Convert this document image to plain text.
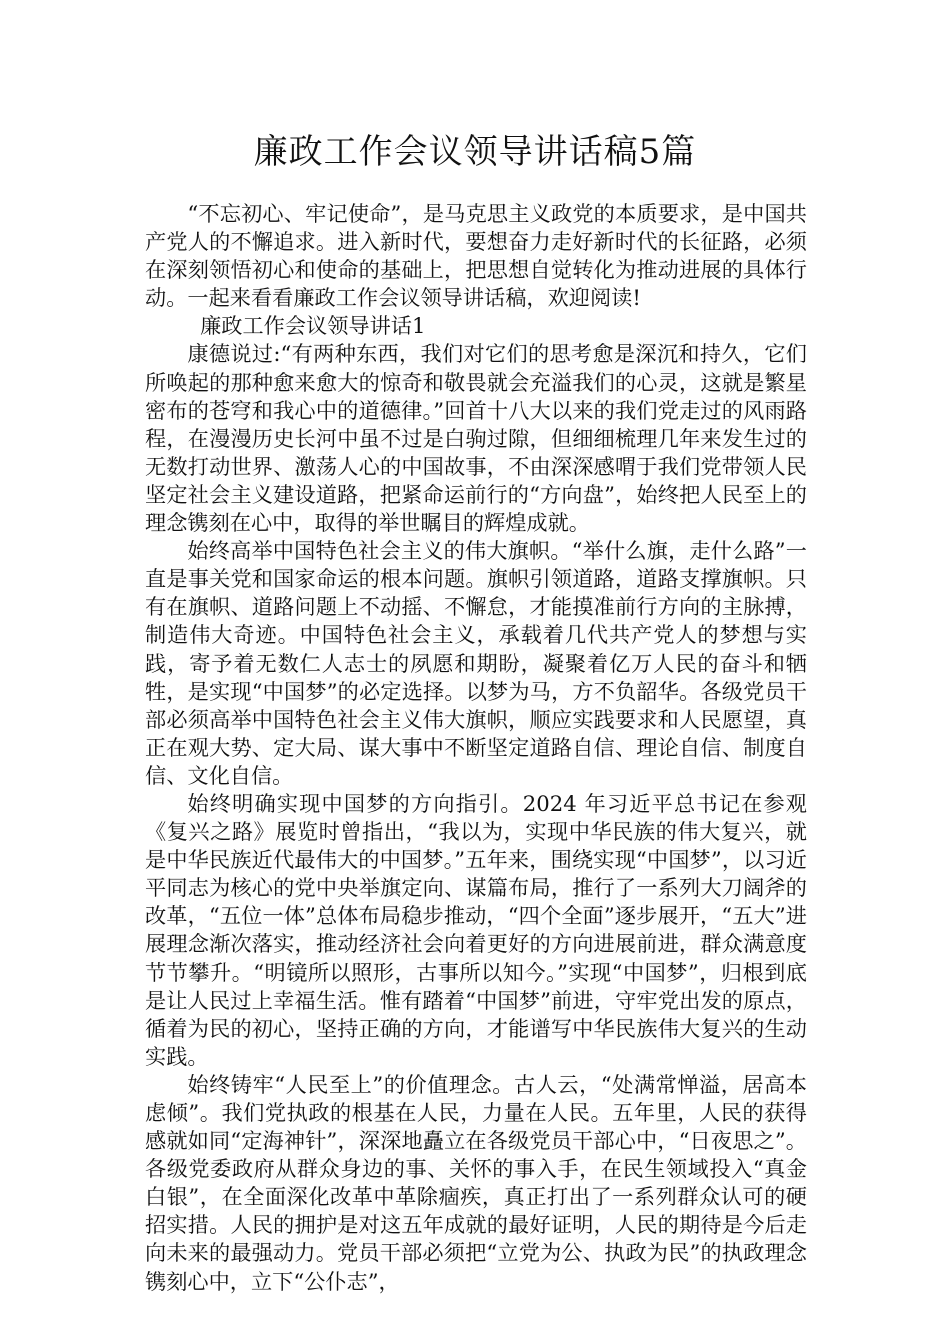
廉政工作会议领导讲话稿5篇

“不忘初心、牢记使命”，是马克思主义政党的本质要求，是中国共产党人的不懈追求。进入新时代，要想奋力走好新时代的长征路，必须在深刻领悟初心和使命的基础上，把思想自觉转化为推动进展的具体行动。一起来看看廉政工作会议领导讲话稿，欢迎阅读!

廉政工作会议领导讲话1

康德说过:“有两种东西，我们对它们的思考愈是深沉和持久，它们所唤起的那种愈来愈大的惊奇和敬畏就会充溢我们的心灵，这就是繁星密布的苍穹和我心中的道德律。”回首十八大以来的我们党走过的风雨路程，在漫漫历史长河中虽不过是白驹过隙，但细细梳理几年来发生过的无数打动世界、激荡人心的中国故事，不由深深感喟于我们党带领人民坚定社会主义建设道路，把紧命运前行的“方向盘”，始终把人民至上的理念镌刻在心中，取得的举世瞩目的辉煌成就。

始终高举中国特色社会主义的伟大旗帜。“举什么旗，走什么路”一直是事关党和国家命运的根本问题。旗帜引领道路，道路支撑旗帜。只有在旗帜、道路问题上不动摇、不懈怠，才能摸准前行方向的主脉搏，制造伟大奇迹。中国特色社会主义，承载着几代共产党人的梦想与实践，寄予着无数仁人志士的夙愿和期盼，凝聚着亿万人民的奋斗和牺牲，是实现“中国梦”的必定选择。以梦为马，方不负韶华。各级党员干部必须高举中国特色社会主义伟大旗帜，顺应实践要求和人民愿望，真正在观大势、定大局、谋大事中不断坚定道路自信、理论自信、制度自信、文化自信。

始终明确实现中国梦的方向指引。2024 年习近平总书记在参观《复兴之路》展览时曾指出，“我以为，实现中华民族的伟大复兴，就是中华民族近代最伟大的中国梦。”五年来，围绕实现“中国梦”，以习近平同志为核心的党中央举旗定向、谋篇布局，推行了一系列大刀阔斧的改革，“五位一体”总体布局稳步推动，“四个全面”逐步展开，“五大”进展理念渐次落实，推动经济社会向着更好的方向进展前进，群众满意度节节攀升。“明镜所以照形，古事所以知今。”实现“中国梦”，归根到底是让人民过上幸福生活。惟有踏着“中国梦”前进，守牢党出发的原点，循着为民的初心，坚持正确的方向，才能谱写中华民族伟大复兴的生动实践。

始终铸牢“人民至上”的价值理念。古人云，“处满常惮溢，居高本虑倾”。我们党执政的根基在人民，力量在人民。五年里，人民的获得感就如同“定海神针”，深深地矗立在各级党员干部心中，“日夜思之”。各级党委政府从群众身边的事、关怀的事入手，在民生领域投入“真金白银”，在全面深化改革中革除痼疾，真正打出了一系列群众认可的硬招实措。人民的拥护是对这五年成就的最好证明，人民的期待是今后走向未来的最强动力。党员干部必须把“立党为公、执政为民”的执政理念镌刻心中，立下“公仆志”，
